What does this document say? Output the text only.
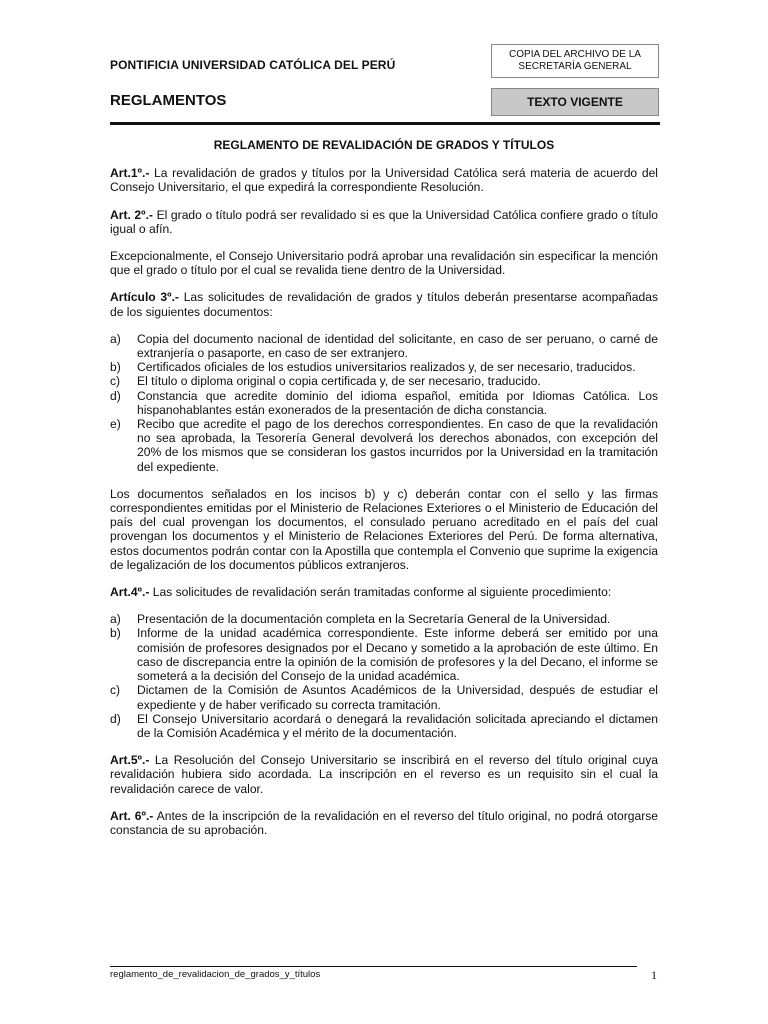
PONTIFICIA UNIVERSIDAD CATÓLICA DEL PERÚ
REGLAMENTOS
COPIA DEL ARCHIVO DE LA
SECRETARÍA GENERAL
TEXTO VIGENTE
REGLAMENTO DE REVALIDACIÓN DE GRADOS Y TÍTULOS
Art.1º.- La revalidación de grados y títulos por la Universidad Católica será materia de acuerdo del Consejo Universitario, el que expedirá la correspondiente Resolución.
Art. 2º.- El grado o título podrá ser revalidado si es que la Universidad Católica confiere grado o título igual o afín.
Excepcionalmente, el Consejo Universitario podrá aprobar una revalidación sin especificar la mención que el grado o título por el cual se revalida tiene dentro de la Universidad.
Artículo 3º.- Las solicitudes de revalidación de grados y títulos deberán presentarse acompañadas de los siguientes documentos:
a)	Copia del documento nacional de identidad del solicitante, en caso de ser peruano, o carné de extranjería o pasaporte, en caso de ser extranjero.
b)	Certificados oficiales de los estudios universitarios realizados y, de ser necesario, traducidos.
c)	El título o diploma original o copia certificada y, de ser necesario, traducido.
d)	Constancia que acredite dominio del idioma español, emitida por Idiomas Católica. Los hispanohablantes están exonerados de la presentación de dicha constancia.
e)	Recibo que acredite el pago de los derechos correspondientes. En caso de que la revalidación no sea aprobada, la Tesorería General devolverá los derechos abonados, con excepción del 20% de los mismos que se consideran los gastos incurridos por la Universidad en la tramitación del expediente.
Los documentos señalados en los incisos b) y c) deberán contar con el sello y las firmas correspondientes emitidas por el Ministerio de Relaciones Exteriores o el Ministerio de Educación del país del cual provengan los documentos, el consulado peruano acreditado en el país del cual provengan los documentos y el Ministerio de Relaciones Exteriores del Perú. De forma alternativa, estos documentos podrán contar con la Apostilla que contempla el Convenio que suprime la exigencia de legalización de los documentos públicos extranjeros.
Art.4º.- Las solicitudes de revalidación serán tramitadas conforme al siguiente procedimiento:
a)	Presentación de la documentación completa en la Secretaría General de la Universidad.
b)	Informe de la unidad académica correspondiente. Este informe deberá ser emitido por una comisión de profesores designados por el Decano y sometido a la aprobación de este último. En caso de discrepancia entre la opinión de la comisión de profesores y la del Decano, el informe se someterá a la decisión del Consejo de la unidad académica.
c)	Dictamen de la Comisión de Asuntos Académicos de la Universidad, después de estudiar el expediente y de haber verificado su correcta tramitación.
d)	El Consejo Universitario acordará o denegará la revalidación solicitada apreciando el dictamen de la Comisión Académica y el mérito de la documentación.
Art.5º.- La Resolución del Consejo Universitario se inscribirá en el reverso del título original cuya revalidación hubiera sido acordada. La inscripción en el reverso es un requisito sin el cual la revalidación carece de valor.
Art. 6º.- Antes de la inscripción de la revalidación en el reverso del título original, no podrá otorgarse constancia de su aprobación.
reglamento_de_revalidacion_de_grados_y_títulos	1
